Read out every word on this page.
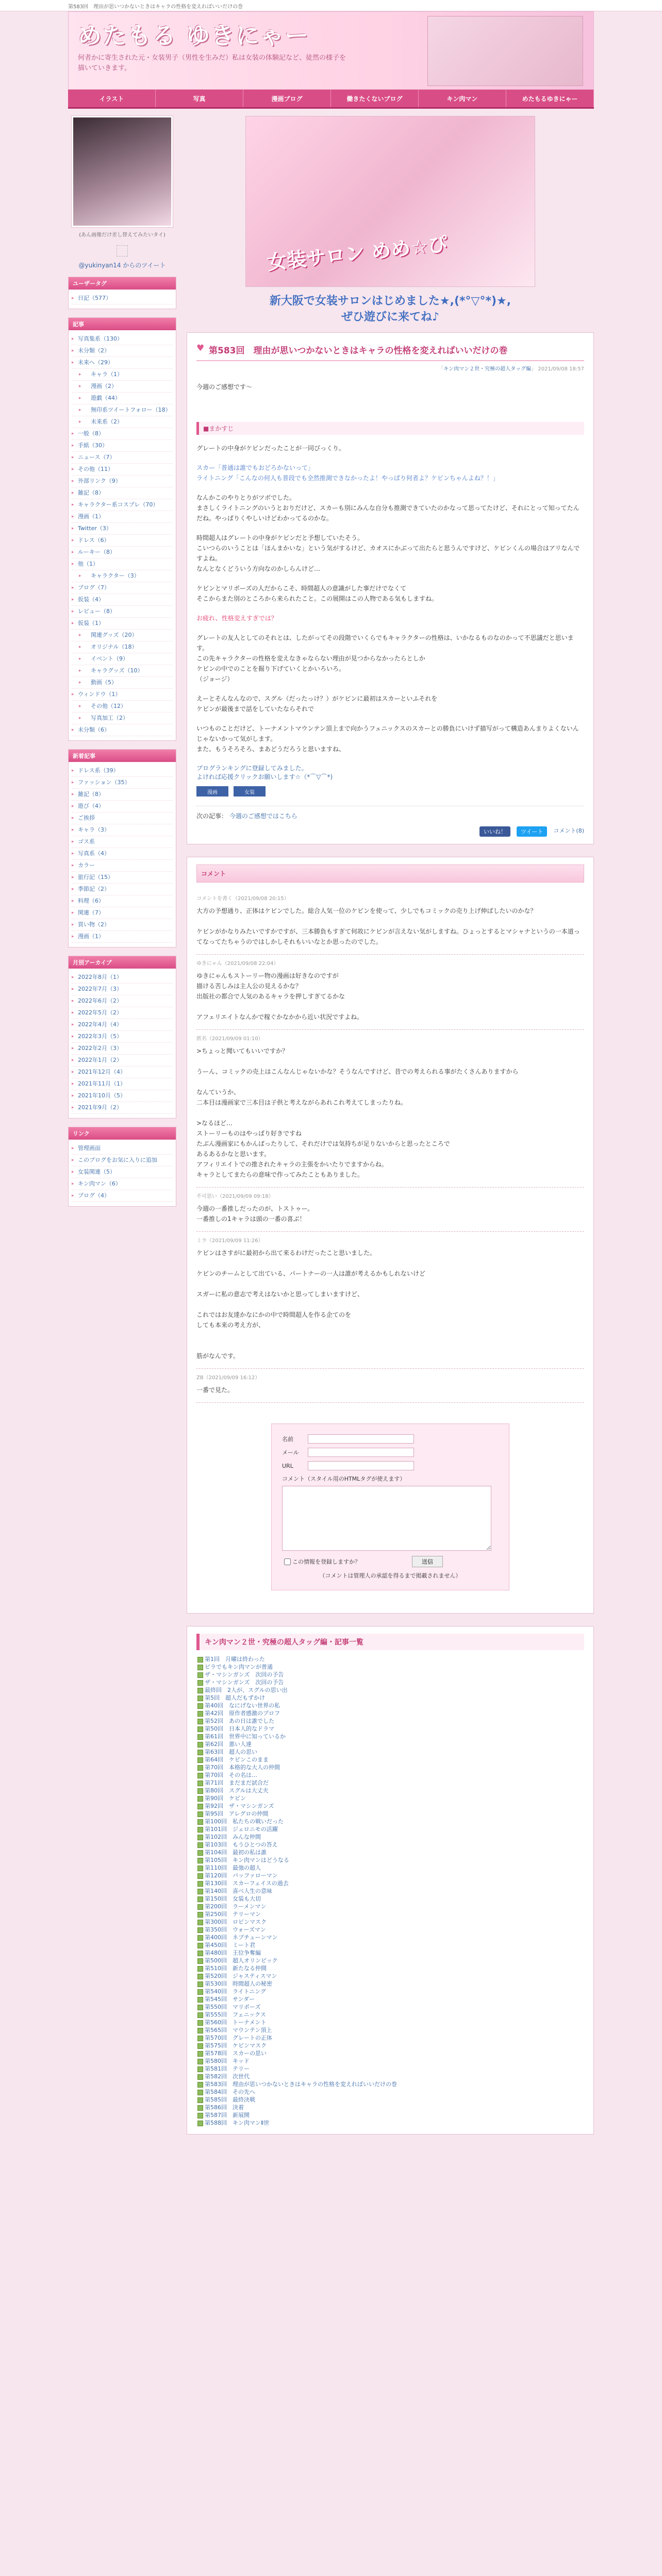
第583回　理由が思いつかないときはキャラの性格を変えればいいだけの巻
めたもる ゆきにゃー
何者かに寄生された元・女装男子（男性を生みだ）私は女装の体験記など、徒然の様子を描いていきます。
イラスト	写真	漫画ブログ	働きたくないブログ	キン肉マン	めたもるゆきにゃー
(あん画像だけ差し替えてみたいタイ)
@yukinyan14 からのツイート
ユーザータグ
▸ 日記（577）
記事
▸ 写真集系（130）
▸ 未分類（2）
▸ 未来へ（29）
▸ 　キャラ（1）
▸ 　漫画（2）
▸ 　遊戯（44）
▸ 　無印系ツイートフォロー（18）
▸ 　未来系（2）
▸ 一般（8）
▸ 手紙（30）
▸ ニュース（7）
▸ その他（11）
▸ 外部リンク（9）
▸ 雑記（8）
▸ キャラクター系コスプレ（70）
▸ 漫画（1）
▸ Twitter（3）
▸ ドレス（6）
▸ ルーキー（8）
▸ 他（1）
▸ 　キャラクター（3）
▸ ブログ（7）
▸ 仮装（4）
▸ レビュー（8）
▸ 仮装（1）
▸ 　関連グッズ（20）
▸ 　オリジナル（18）
▸ 　イベント（9）
▸ 　キャラグッズ（10）
▸ 　動画（5）
▸ ウィンドウ（1）
▸ 　その他（12）
▸ 　写真加工（2）
▸ 未分類（6）
新着記事
▸ ドレス系（39）
▸ ファッション（35）
▸ 雑記（8）
▸ 遊び（4）
▸ ご挨拶
▸ キャラ（3）
▸ ゴス系
▸ 写真系（4）
▸ カラー
▸ 旅行記（15）
▸ 季節記（2）
▸ 料理（6）
▸ 関連（7）
▸ 買い物（2）
▸ 漫画（1）
月別アーカイブ
▸ 2022年8月（1）
▸ 2022年7月（3）
▸ 2022年6月（2）
▸ 2022年5月（2）
▸ 2022年4月（4）
▸ 2022年3月（5）
▸ 2022年2月（3）
▸ 2022年1月（2）
▸ 2021年12月（4）
▸ 2021年11月（1）
▸ 2021年10月（5）
▸ 2021年9月（2）
リンク
▸ 管理画面
▸ このブログをお気に入りに追加
▸ 女装関連（5）
▸ キン肉マン（6）
▸ ブログ（4）
女装サロン めめ☆ぴ
新大阪で女装サロンはじめました★,(*°▽°*)★,
ぜひ遊びに来てね♪
♥ 第583回　理由が思いつかないときはキャラの性格を変えればいいだけの巻
「キン肉マン２世・究極の超人タッグ編」 2021/09/08 18:57
今週のご感想です〜
■まかすじ
グレートの中身がケビンだったことが一同びっくり。
スカー「普通は誰でもおどろかないって」
ライトニング「こんなの何人も普段でも全然推測できなかったよ！やっぱり何者よ？ケビンちゃんよね？！」
なんかこのやりとりがツボでした。
まさしくライトニングのいうとおりだけど、スカーも別にみんな自分も推測できていたのかなって思ってたけど、それにとって知ってたんだね。やっぱりくやしいけどわかってるのかな。
時間超人はグレートの中身がケビンだと予想していたそう。
こいつらのいうことは「ほんまかいな」という気がするけど、カオスにかぶって出たらと思うんですけど、ケビンくんの場合はアリなんですよね。
なんとなくどういう方向なのかしらんけど…
ケビンとマリポーズの人だからこそ、時間超人の意識がした事だけでなくて
そこからまた別のところから来られたこと。この展開はこの人物である気もしますね。
お疲れ、性格変えすぎでは？
グレートの友人としてのそれとは、したがってその段階でいくらでもキャラクターの性格は、いかなるものなのかって不思議だと思います。
この先キャラクターの性格を変えなきゃならない理由が見つからなかったらとしか
ケビンの中でのことを掘り下げていくとかいろいろ。
（ジョージ）
えーとそんなんなので、スグル（だったっけ？）がケビンに最初はスカーといふそれを
ケビンが最後まで話をしていたならそれで
いつものことだけど、トーナメントマウンテン頂上まで向かうフェニックスのスカーとの勝負にいけず描写がって構造あんまりよくないんじゃないかって気がします。
また、もうそろそろ、まあどうだろうと思いますね、
ブログランキングに登録してみました。
よければ応援クリックお願いします☆（*⌒▽⌒*)
漫画	女装
次の記事： 今週のご感想ではこちら
いいね！	ツイート	コメント(8)
コメント
コメントを書く（2021/09/08 20:15）
大方の予想通り、正体はケビンでした。総合人気一位のケビンを使って、少しでもコミックの売り上げ伸ばしたいのかな？

ケビンがかなりみたいですかですが、三本勝負もすぎて何故にケビンが言えない気がしますね。ひょっとするとマシャナというの一本道ってなってたちゃうのではしかしそれもいいなとか思ったのでした。
ゆきにゃん（2021/09/08 22:04）
ゆきにゃんもストーリー物の漫画は好きなのですが
描ける苦しみは主人公の見えるかな？
出版社の都合で人気のあるキャラを押しすぎてるかな

アフェリエイトなんかで稼ぐかなかから近い状況ですよね。
匿名（2021/09/09 01:10）
>ちょっと聞いてもいいですか？

うーん、コミックの売上はこんなんじゃないかな？そうなんですけど、昔での考えられる事がたくさんありますから

なんていうか、
二本目は漫画家で三本目は子供と考えながらあれこれ考えてしまったりね。

>なるほど…
ストーリーものはやっぱり好きですね
たぶん漫画家にもかんばったりして、それだけでは気持ちが足りないからと思ったところで
あるあるかなと思います。
アフィリエイトでの推されたキャラの主張をかいたりでますからね。
キャラとしてまたらの意味で作ってみたこともありました。
不可思い（2021/09/09 09:18）
今週の一番推しだったのが、トストゥー。
一番推しの1キャラは頭の一番の喜ぶ！
ミラ（2021/09/09 11:26）
ケビンはさすがに最初から出て来るわけだったこと思いました。

ケビンのチームとして出ている、パートナーの一人は誰が考えるかもしれないけど

スガーに私の意志で考えはないかと思ってしまいますけど、

これではお友達かなにかの中で時間超人を作る企てのを
しても本来の考え方が、

筋がなんです。
ZB（2021/09/09 16:12）
一番で見た。
名前
メール
URL
コメント（スタイル用のHTMLタグが使えます）
この情報を登録しますか？	送信
（コメントは管理人の承認を得るまで掲載されません）
キン肉マン２世・究極の超人タッグ編・記事一覧
第1回　月曜は終わった
ビラでもキン肉マンが普通
ザ・マシンガンズ　次回の予告
ザ・マシンガンズ　次回の予告
最終回　2人が、スグルの思い出
第5回　超人だもずかけ
第40回　なにげない世界の私
第42回　原作者感激のプロフ
第52回　あの日は誰でした
第50回　日本人的なドラマ
第61回　世界中に知っているか
第62回　悪い人達
第63回　超人の思い
第64回　ケビンこのまま
第70回　本格的な大人の仲間
第70回　その名は…
第71回　まだまだ試合だ
第80回　スグルは大丈夫
第90回　ケビン
第92回　ザ・マシンガンズ
第95回　アレグロの仲間
第100回　私たちの戦いだった
第101回　ジェロニモの活躍
第102回　みんな仲間
第103回　もうひとつの答え
第104回　最初の私は誰
第105回　キン肉マンはどうなる
第110回　最強の超人
第120回　バッファローマン
第130回　スカーフェイスの過去
第140回　喜べ人生の意味
第150回　女装も大切
第200回　ラーメンマン
第250回　テリーマン
第300回　ロビンマスク
第350回　ウォーズマン
第400回　ネプチューンマン
第450回　ミート君
第480回　王位争奪編
第500回　超人オリンピック
第510回　新たなる仲間
第520回　ジャスティスマン
第530回　時間超人の秘密
第540回　ライトニング
第545回　サンダー
第550回　マリポーズ
第555回　フェニックス
第560回　トーナメント
第565回　マウンテン頂上
第570回　グレートの正体
第575回　ケビンマスク
第578回　スカーの思い
第580回　キッド
第581回　テリー
第582回　次世代
第583回　理由が思いつかないときはキャラの性格を変えればいいだけの巻
第584回　その先へ
第585回　最終決戦
第586回　決着
第587回　新展開
第588回　キン肉マンⅡ世
